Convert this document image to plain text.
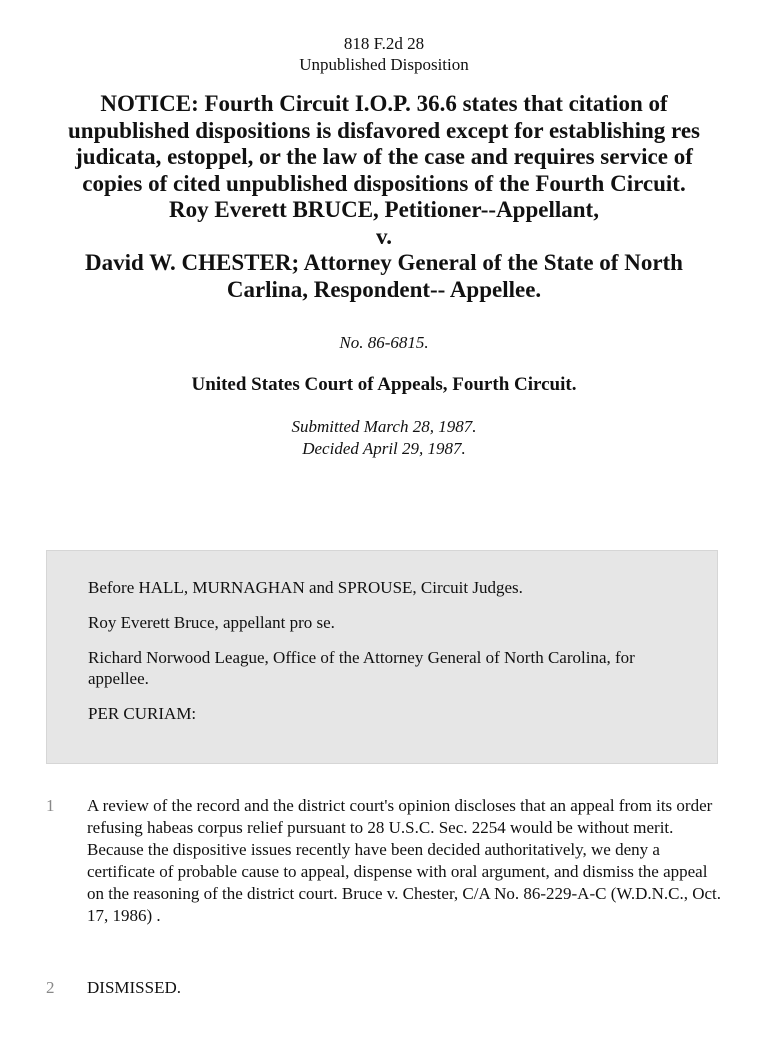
818 F.2d 28
Unpublished Disposition
NOTICE: Fourth Circuit I.O.P. 36.6 states that citation of unpublished dispositions is disfavored except for establishing res judicata, estoppel, or the law of the case and requires service of copies of cited unpublished dispositions of the Fourth Circuit.
Roy Everett BRUCE, Petitioner--Appellant,
v.
David W. CHESTER; Attorney General of the State of North Carlina, Respondent-- Appellee.
No. 86-6815.
United States Court of Appeals, Fourth Circuit.
Submitted March 28, 1987.
Decided April 29, 1987.

Before HALL, MURNAGHAN and SPROUSE, Circuit Judges.

Roy Everett Bruce, appellant pro se.

Richard Norwood League, Office of the Attorney General of North Carolina, for appellee.

PER CURIAM:

1	A review of the record and the district court's opinion discloses that an appeal from its order refusing habeas corpus relief pursuant to 28 U.S.C. Sec. 2254 would be without merit. Because the dispositive issues recently have been decided authoritatively, we deny a certificate of probable cause to appeal, dispense with oral argument, and dismiss the appeal on the reasoning of the district court. Bruce v. Chester, C/A No. 86-229-A-C (W.D.N.C., Oct. 17, 1986) .
2	DISMISSED.
